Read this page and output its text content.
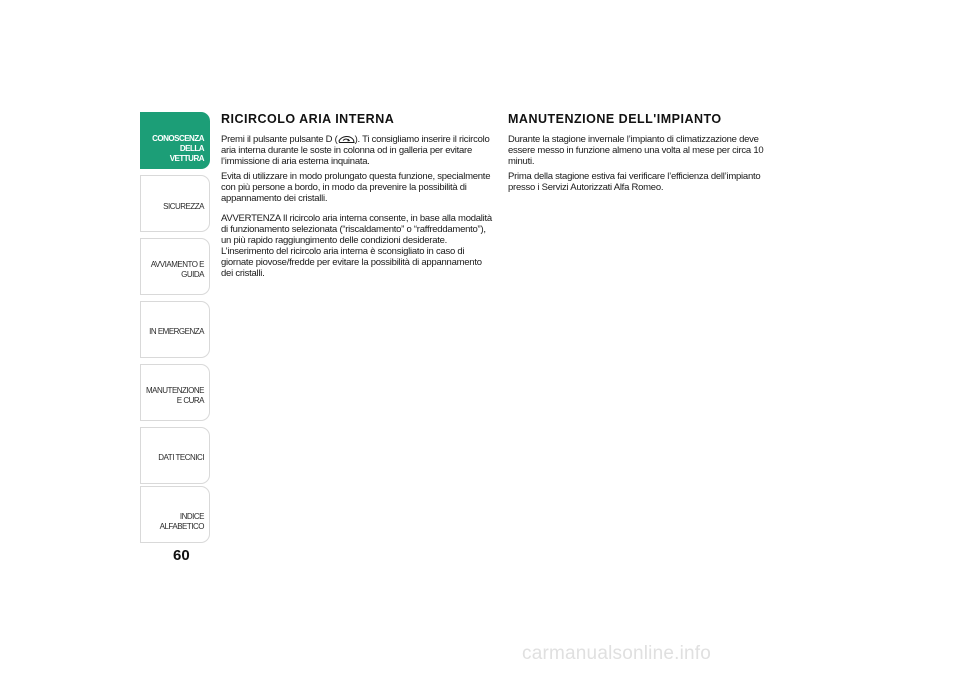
CONOSCENZA DELLA VETTURA
SICUREZZA
AVVIAMENTO E GUIDA
IN EMERGENZA
MANUTENZIONE E CURA
DATI TECNICI
INDICE ALFABETICO
60
RICIRCOLO ARIA INTERNA

Premi il pulsante pulsante D ( ). Ti consigliamo inserire il ricircolo aria interna durante le soste in colonna od in galleria per evitare l’immissione di aria esterna inquinata.

Evita di utilizzare in modo prolungato questa funzione, specialmente con più persone a bordo, in modo da prevenire la possibilità di appannamento dei cristalli.

AVVERTENZA Il ricircolo aria interna consente, in base alla modalità di funzionamento selezionata (“riscaldamento” o “raffreddamento”), un più rapido raggiungimento delle condizioni desiderate. L’inserimento del ricircolo aria interna è sconsigliato in caso di giornate piovose/fredde per evitare la possibilità di appannamento dei cristalli.

MANUTENZIONE DELL'IMPIANTO

Durante la stagione invernale l’impianto di climatizzazione deve essere messo in funzione almeno una volta al mese per circa 10 minuti.

Prima della stagione estiva fai verificare l’efficienza dell’impianto presso i Servizi Autorizzati Alfa Romeo.

carmanualsonline.info
